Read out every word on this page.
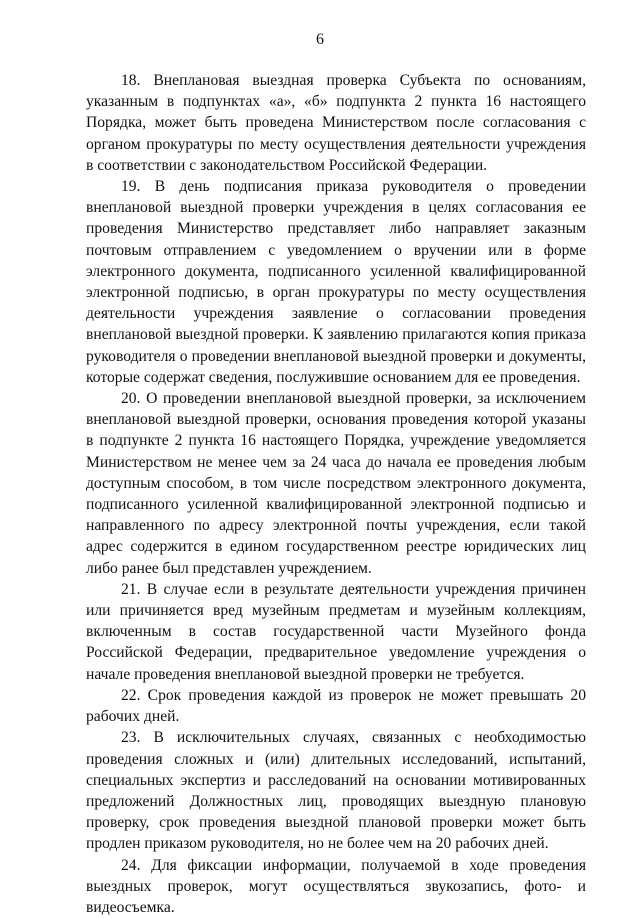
6

18. Внеплановая выездная проверка Субъекта по основаниям, указанным в подпунктах «а», «б» подпункта 2 пункта 16 настоящего Порядка, может быть проведена Министерством после согласования с органом прокуратуры по месту осуществления деятельности учреждения в соответствии с законодательством Российской Федерации.

19. В день подписания приказа руководителя о проведении внеплановой выездной проверки учреждения в целях согласования ее проведения Министерство представляет либо направляет заказным почтовым отправлением с уведомлением о вручении или в форме электронного документа, подписанного усиленной квалифицированной электронной подписью, в орган прокуратуры по месту осуществления деятельности учреждения заявление о согласовании проведения внеплановой выездной проверки. К заявлению прилагаются копия приказа руководителя о проведении внеплановой выездной проверки и документы, которые содержат сведения, послужившие основанием для ее проведения.

20. О проведении внеплановой выездной проверки, за исключением внеплановой выездной проверки, основания проведения которой указаны в подпункте 2 пункта 16 настоящего Порядка, учреждение уведомляется Министерством не менее чем за 24 часа до начала ее проведения любым доступным способом, в том числе посредством электронного документа, подписанного усиленной квалифицированной электронной подписью и направленного по адресу электронной почты учреждения, если такой адрес содержится в едином государственном реестре юридических лиц либо ранее был представлен учреждением.

21. В случае если в результате деятельности учреждения причинен или причиняется вред музейным предметам и музейным коллекциям, включенным в состав государственной части Музейного фонда Российской Федерации, предварительное уведомление учреждения о начале проведения внеплановой выездной проверки не требуется.

22. Срок проведения каждой из проверок не может превышать 20 рабочих дней.

23. В исключительных случаях, связанных с необходимостью проведения сложных и (или) длительных исследований, испытаний, специальных экспертиз и расследований на основании мотивированных предложений Должностных лиц, проводящих выездную плановую проверку, срок проведения выездной плановой проверки может быть продлен приказом руководителя, но не более чем на 20 рабочих дней.

24. Для фиксации информации, получаемой в ходе проведения выездных проверок, могут осуществляться звукозапись, фото- и видеосъемка.
